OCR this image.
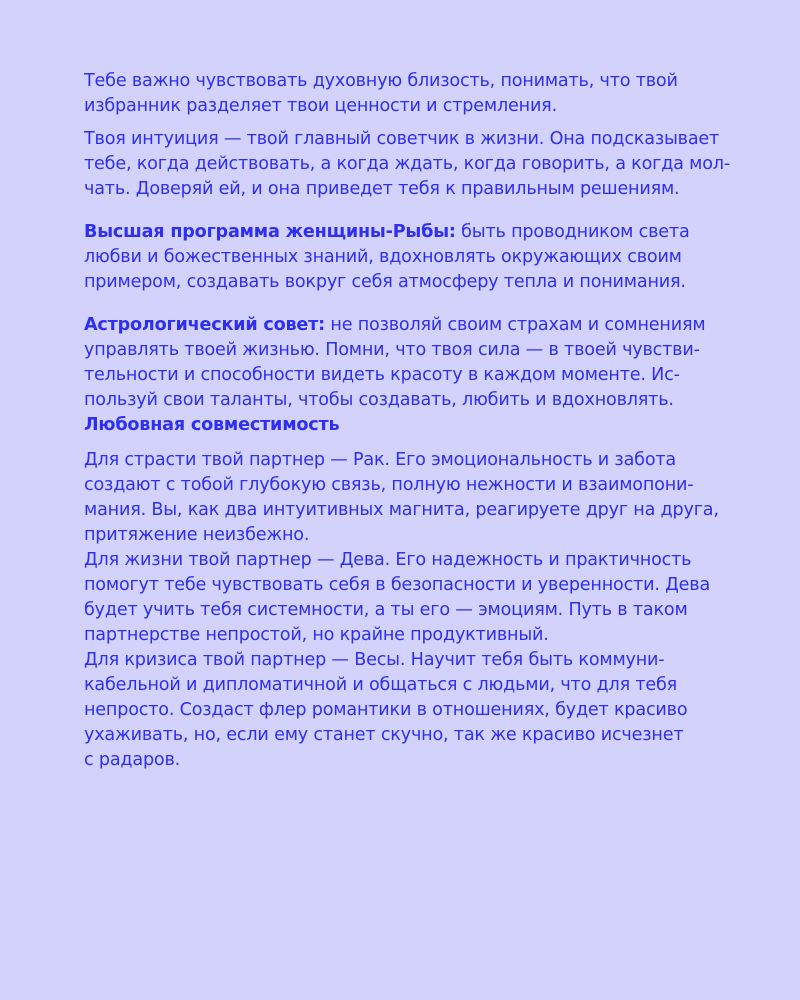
Тебе важно чувствовать духовную близость, понимать, что твой
избранник разделяет твои ценности и стремления.

Твоя интуиция — твой главный советчик в жизни. Она подсказывает
тебе, когда действовать, а когда ждать, когда говорить, а когда мол-
чать. Доверяй ей, и она приведет тебя к правильным решениям.

Высшая программа женщины-Рыбы: быть проводником света
любви и божественных знаний, вдохновлять окружающих своим
примером, создавать вокруг себя атмосферу тепла и понимания.

Астрологический совет: не позволяй своим страхам и сомнениям
управлять твоей жизнью. Помни, что твоя сила — в твоей чувстви-
тельности и способности видеть красоту в каждом моменте. Ис-
пользуй свои таланты, чтобы создавать, любить и вдохновлять.

Любовная совместимость

Для страсти твой партнер — Рак. Его эмоциональность и забота
создают с тобой глубокую связь, полную нежности и взаимопони-
мания. Вы, как два интуитивных магнита, реагируете друг на друга,
притяжение неизбежно.
Для жизни твой партнер — Дева. Его надежность и практичность
помогут тебе чувствовать себя в безопасности и уверенности. Дева
будет учить тебя системности, а ты его — эмоциям. Путь в таком
партнерстве непростой, но крайне продуктивный.
Для кризиса твой партнер — Весы. Научит тебя быть коммуни-
кабельной и дипломатичной и общаться с людьми, что для тебя
непросто. Создаст флер романтики в отношениях, будет красиво
ухаживать, но, если ему станет скучно, так же красиво исчезнет
с радаров.
